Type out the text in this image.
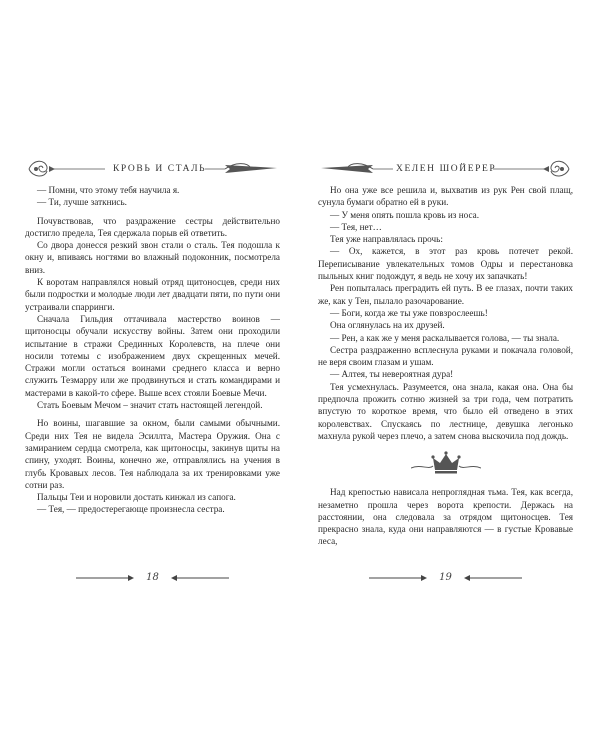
КРОВЬ И СТАЛЬ

— Помни, что этому тебя научила я.

— Ти, лучше заткнись.

Почувствовав, что раздражение сестры действительно достигло предела, Тея сдержала порыв ей ответить.

Со двора донесся резкий звон стали о сталь. Тея подошла к окну и, впиваясь ногтями во влажный подоконник, посмотрела вниз.

К воротам направлялся новый отряд щитоносцев, среди них были подростки и молодые люди лет двадцати пяти, по пути они устраивали спарринги.

Сначала Гильдия оттачивала мастерство воинов — щитоносцы обучали искусству войны. Затем они проходили испытание в стражи Срединных Королевств, на плече они носили тотемы с изображением двух скрещенных мечей. Стражи могли остаться воинами среднего класса и верно служить Тезмарру или же продвинуться и стать командирами и мастерами в какой-то сфере. Выше всех стояли Боевые Мечи.

Стать Боевым Мечом – значит стать настоящей легендой.

Но воины, шагавшие за окном, были самыми обычными. Среди них Тея не видела Эсиллта, Мастера Оружия. Она с замиранием сердца смотрела, как щитоносцы, закинув щиты на спину, уходят. Воины, конечно же, отправлялись на учения в глубь Кровавых лесов. Тея наблюдала за их тренировками уже сотни раз.

Пальцы Теи и норовили достать кинжал из сапога.

— Тея, — предостерегающе произнесла сестра.

18
ХЕЛЕН ШОЙЕРЕР

Но она уже все решила и, выхватив из рук Рен свой плащ, сунула бумаги обратно ей в руки.

— У меня опять пошла кровь из носа.

— Тея, нет…

Тея уже направлялась прочь:

— Ох, кажется, в этот раз кровь потечет рекой. Переписывание увлекательных томов Одры и перестановка пыльных книг подождут, я ведь не хочу их запачкать!

Рен попыталась преградить ей путь. В ее глазах, почти таких же, как у Тен, пылало разочарование.

— Боги, когда же ты уже повзрослеешь!

Она оглянулась на их друзей.

— Рен, а как же у меня раскалывается голова, — ты знала.

Сестра раздраженно всплеснула руками и покачала головой, не веря своим глазам и ушам.

— Алтея, ты невероятная дура!

Тея усмехнулась. Разумеется, она знала, какая она. Она бы предпочла прожить сотню жизней за три года, чем потратить впустую то короткое время, что было ей отведено в этих королевствах. Спускаясь по лестнице, девушка легонько махнула рукой через плечо, а затем снова выскочила под дождь.

Над крепостью нависала непроглядная тьма. Тея, как всегда, незаметно прошла через ворота крепости. Держась на расстоянии, она следовала за отрядом щитоносцев. Тея прекрасно знала, куда они направляются — в густые Кровавые леса,

19
